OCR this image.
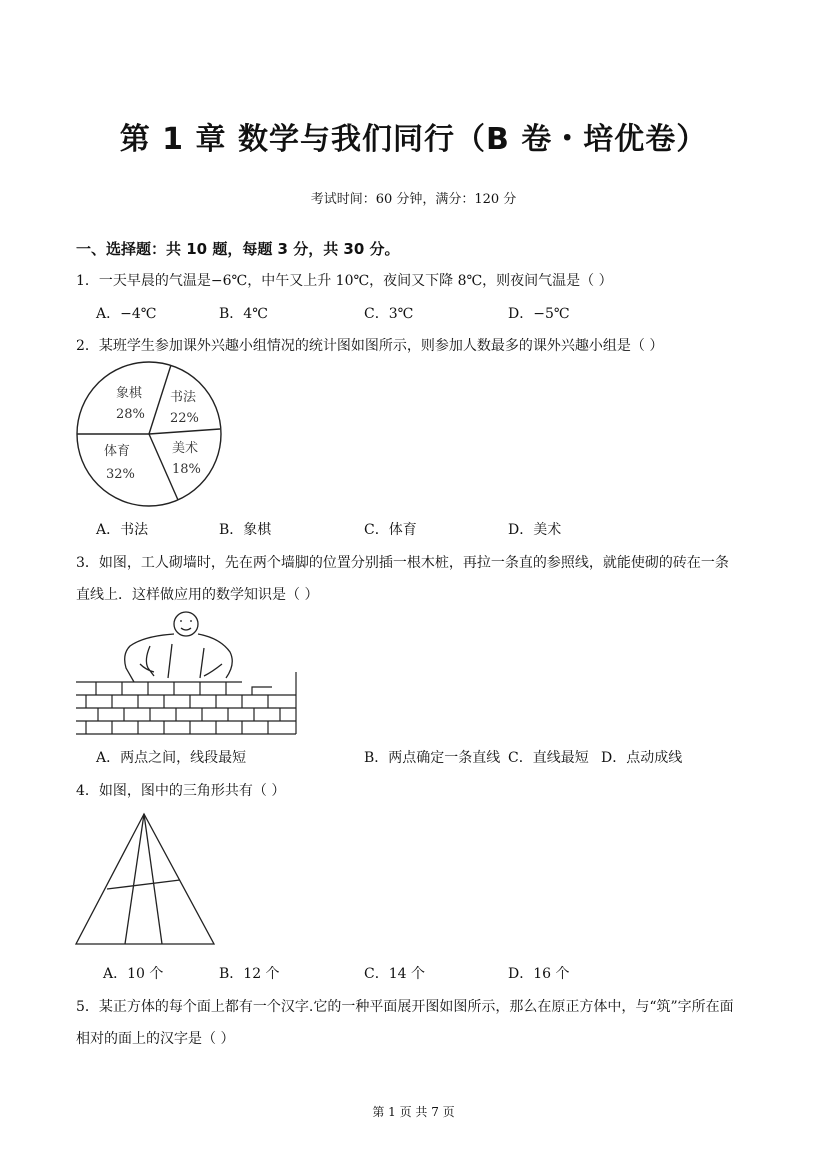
第 1 章 数学与我们同行（B 卷・培优卷）
考试时间：60 分钟，满分：120 分
一、选择题：共 10 题，每题 3 分，共 30 分。
1．一天早晨的气温是−6℃，中午又上升 10℃，夜间又下降 8℃，则夜间气温是（ ）
A．−4℃	B．4℃	C．3℃	D．−5℃
2．某班学生参加课外兴趣小组情况的统计图如图所示，则参加人数最多的课外兴趣小组是（ ）
象棋
28%
书法
22%
美术
18%
体育
32%
A．书法	B．象棋	C．体育	D．美术
3．如图，工人砌墙时，先在两个墙脚的位置分别插一根木桩，再拉一条直的参照线，就能使砌的砖在一条
直线上．这样做应用的数学知识是（ ）
A．两点之间，线段最短	B．两点确定一条直线 C．直线最短 D．点动成线
4．如图，图中的三角形共有（ ）
A．10 个	B．12 个	C．14 个	D．16 个
5．某正方体的每个面上都有一个汉字.它的一种平面展开图如图所示，那么在原正方体中，与“筑”字所在面
相对的面上的汉字是（ ）
第 1 页 共 7 页
